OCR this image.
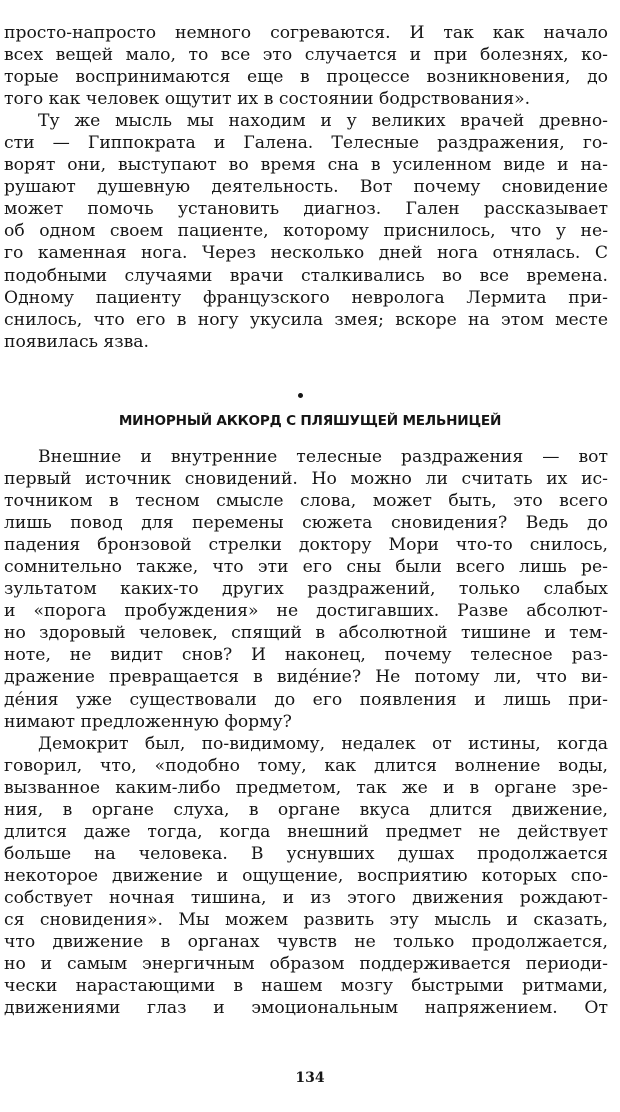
просто-напросто немного согреваются. И так как начало
всех вещей мало, то все это случается и при болезнях, ко-
торые воспринимаются еще в процессе возникновения, до
того как человек ощутит их в состоянии бодрствования».
Ту же мысль мы находим и у великих врачей древно-
сти — Гиппократа и Галена. Телесные раздражения, го-
ворят они, выступают во время сна в усиленном виде и на-
рушают душевную деятельность. Вот почему сновидение
может помочь установить диагноз. Гален рассказывает
об одном своем пациенте, которому приснилось, что у не-
го каменная нога. Через несколько дней нога отнялась. С
подобными случаями врачи сталкивались во все времена.
Одному пациенту французского невролога Лермита при-
снилось, что его в ногу укусила змея; вскоре на этом месте
появилась язва.
МИНОРНЫЙ АККОРД С ПЛЯШУЩЕЙ МЕЛЬНИЦЕЙ
Внешние и внутренние телесные раздражения — вот
первый источник сновидений. Но можно ли считать их ис-
точником в тесном смысле слова, может быть, это всего
лишь повод для перемены сюжета сновидения? Ведь до
падения бронзовой стрелки доктору Мори что-то снилось,
сомнительно также, что эти его сны были всего лишь ре-
зультатом каких-то других раздражений, только слабых
и «порога пробуждения» не достигавших. Разве абсолют-
но здоровый человек, спящий в абсолютной тишине и тем-
ноте, не видит снов? И наконец, почему телесное раз-
дражение превращается в видéние? Не потому ли, что ви-
дéния уже существовали до его появления и лишь при-
нимают предложенную форму?
Демокрит был, по-видимому, недалек от истины, когда
говорил, что, «подобно тому, как длится волнение воды,
вызванное каким-либо предметом, так же и в органе зре-
ния, в органе слуха, в органе вкуса длится движение,
длится даже тогда, когда внешний предмет не действует
больше на человека. В уснувших душах продолжается
некоторое движение и ощущение, восприятию которых спо-
собствует ночная тишина, и из этого движения рождают-
ся сновидения». Мы можем развить эту мысль и сказать,
что движение в органах чувств не только продолжается,
но и самым энергичным образом поддерживается периоди-
чески нарастающими в нашем мозгу быстрыми ритмами,
движениями глаз и эмоциональным напряжением. От
134
